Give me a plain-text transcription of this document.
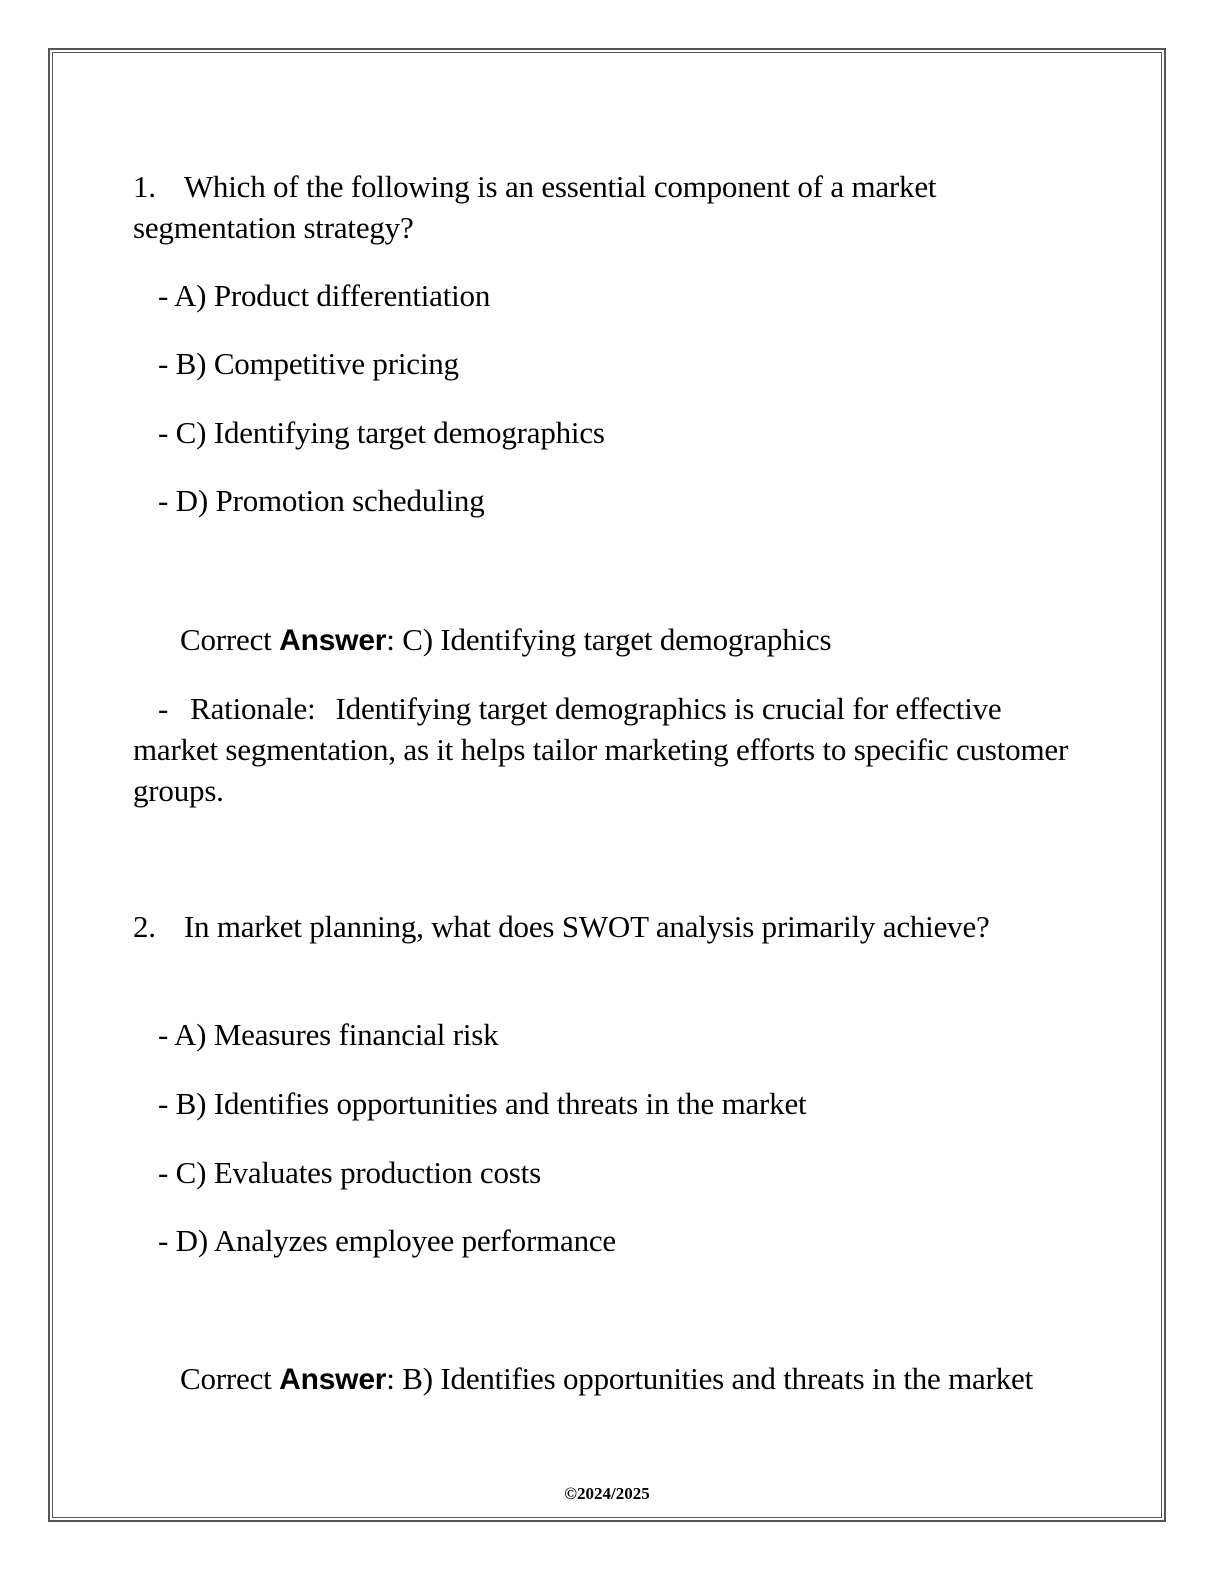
1. Which of the following is an essential component of a market segmentation strategy?
- A) Product differentiation
- B) Competitive pricing
- C) Identifying target demographics
- D) Promotion scheduling
Correct Answer: C) Identifying target demographics
- Rationale: Identifying target demographics is crucial for effective market segmentation, as it helps tailor marketing efforts to specific customer groups.
2. In market planning, what does SWOT analysis primarily achieve?
- A) Measures financial risk
- B) Identifies opportunities and threats in the market
- C) Evaluates production costs
- D) Analyzes employee performance
Correct Answer: B) Identifies opportunities and threats in the market
©2024/2025
